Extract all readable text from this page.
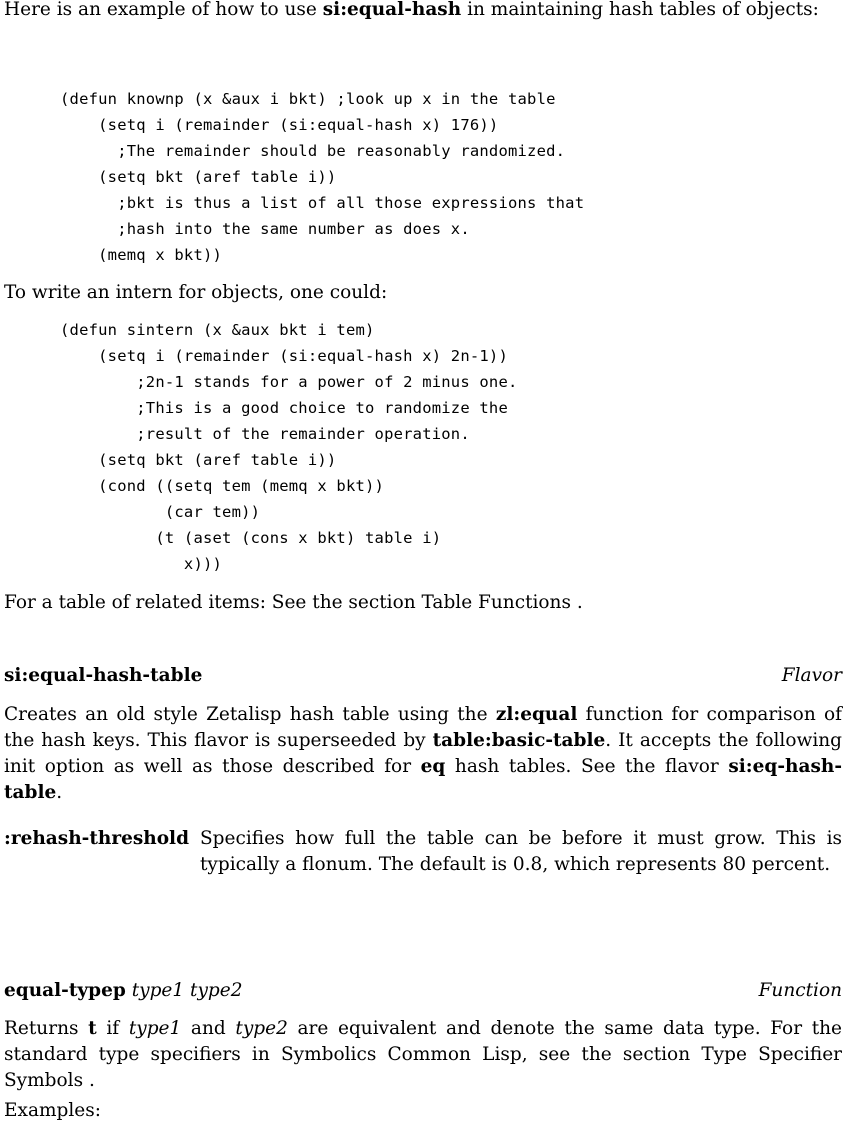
Here is an example of how to use si:equal-hash in maintaining hash tables of objects:

(defun knownp (x &aux i bkt) ;look up x in the table
(setq i (remainder (si:equal-hash x) 176))
;The remainder should be reasonably randomized.
(setq bkt (aref table i))
;bkt is thus a list of all those expressions that
;hash into the same number as does x.
(memq x bkt))
To write an intern for objects, one could:
(defun sintern (x &aux bkt i tem)
(setq i (remainder (si:equal-hash x) 2n-1))
;2n-1 stands for a power of 2 minus one.
;This is a good choice to randomize the
;result of the remainder operation.
(setq bkt (aref table i))
(cond ((setq tem (memq x bkt))
(car tem))
(t (aset (cons x bkt) table i)
x)))
For a table of related items: See the section Table Functions .
si:equal-hash-table	Flavor

Creates an old style Zetalisp hash table using the zl:equal function for comparison of the hash keys. This flavor is superseeded by table:basic-table. It accepts the following init option as well as those described for eq hash tables. See the flavor si:eq-hash-table.

:rehash-threshold Specifies how full the table can be before it must grow. This is typically a flonum. The default is 0.8, which represents 80 percent.
equal-typep type1 type2	Function

Returns t if type1 and type2 are equivalent and denote the same data type. For the standard type specifiers in Symbolics Common Lisp, see the section Type Specifier Symbols .

Examples:
